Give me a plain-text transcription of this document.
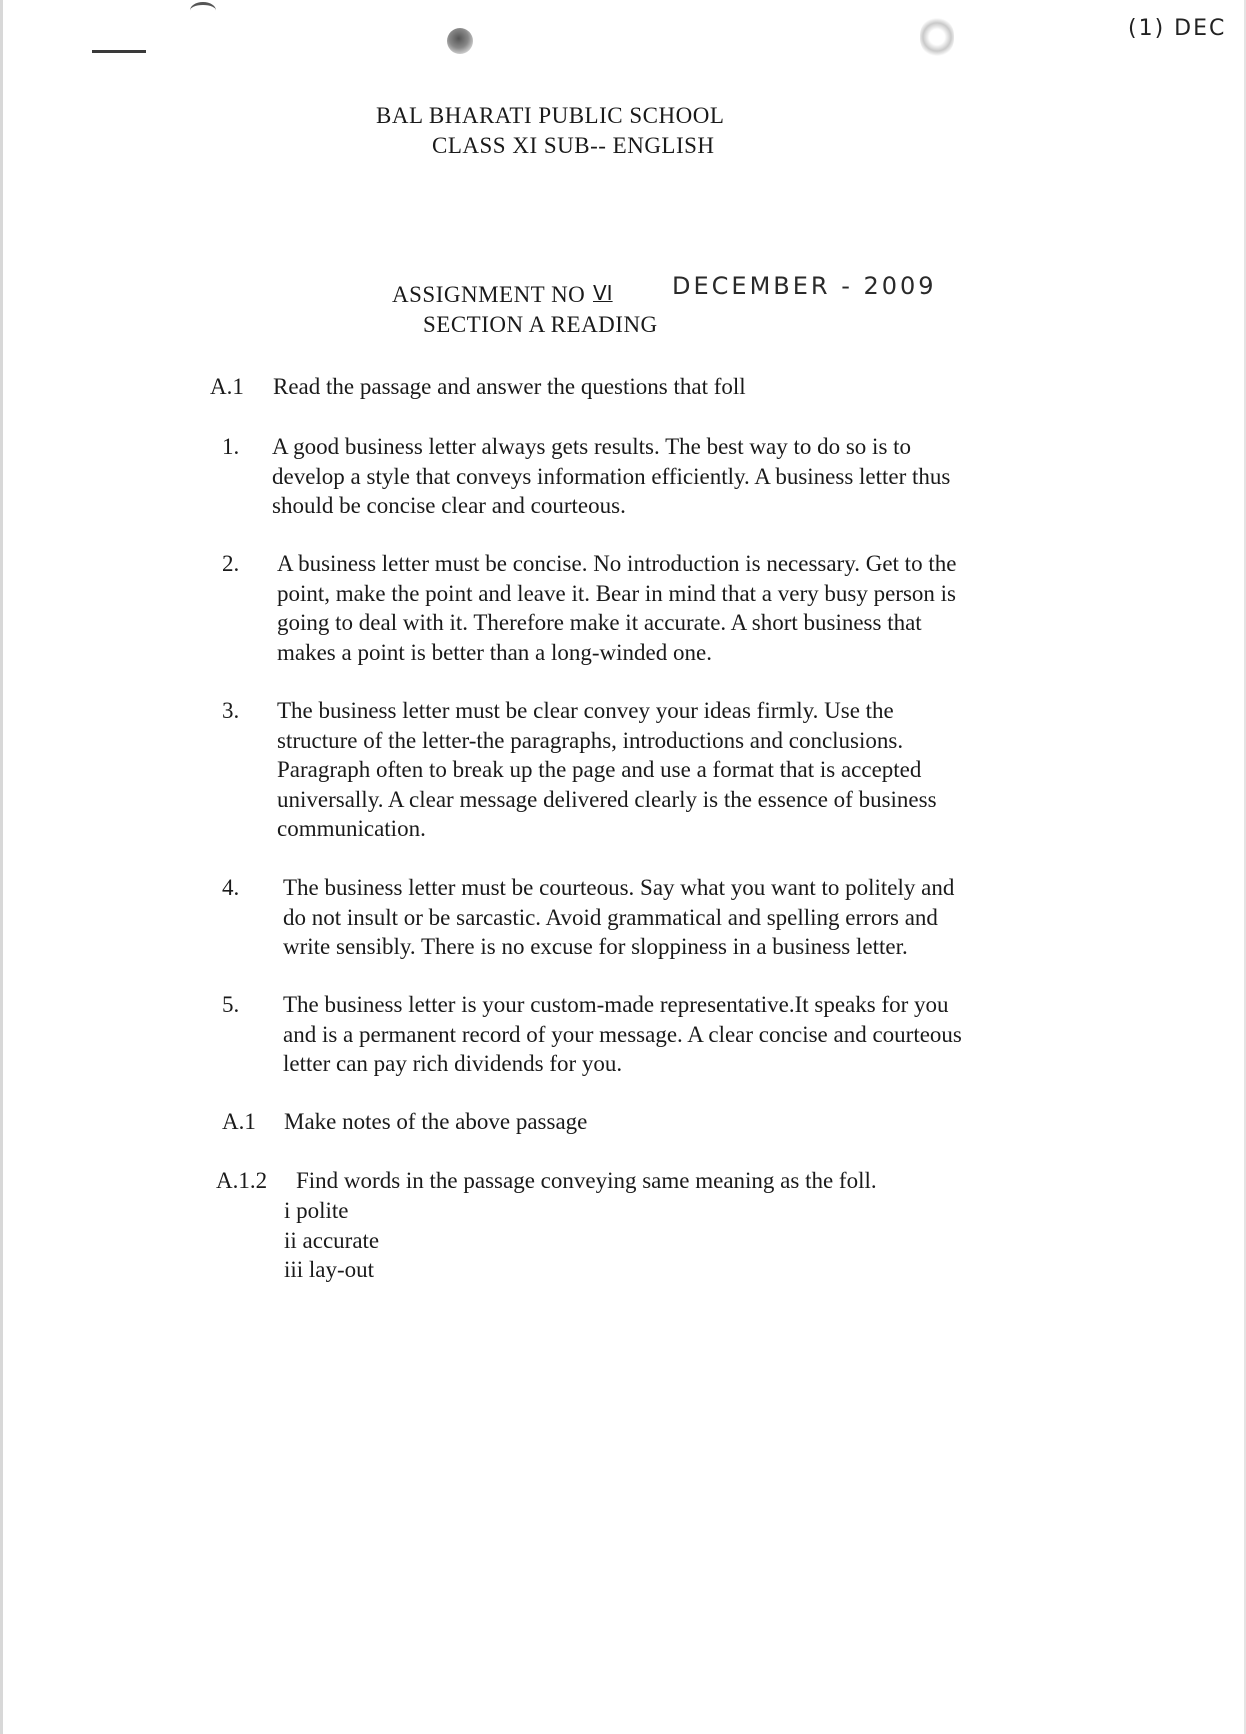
(1) DEC
BAL BHARATI PUBLIC SCHOOL
CLASS XI SUB-- ENGLISH
ASSIGNMENT NO VI	DECEMBER - 2009
SECTION A READING
A.1 Read the passage and answer the questions that foll
1. A good business letter always gets results. The best way to do so is to
develop a style that conveys information efficiently. A business letter thus
should be concise clear and courteous.
2. A business letter must be concise. No introduction is necessary. Get to the
point, make the point and leave it. Bear in mind that a very busy person is
going to deal with it. Therefore make it accurate. A short business that
makes a point is better than a long-winded one.
3. The business letter must be clear convey your ideas firmly. Use the
structure of the letter-the paragraphs, introductions and conclusions.
Paragraph often to break up the page and use a format that is accepted
universally. A clear message delivered clearly is the essence of business
communication.
4. The business letter must be courteous. Say what you want to politely and
do not insult or be sarcastic. Avoid grammatical and spelling errors and
write sensibly. There is no excuse for sloppiness in a business letter.
5. The business letter is your custom-made representative.It speaks for you
and is a permanent record of your message. A clear concise and courteous
letter can pay rich dividends for you.
A.1 Make notes of the above passage
A.1.2 Find words in the passage conveying same meaning as the foll.
i polite
ii accurate
iii lay-out
